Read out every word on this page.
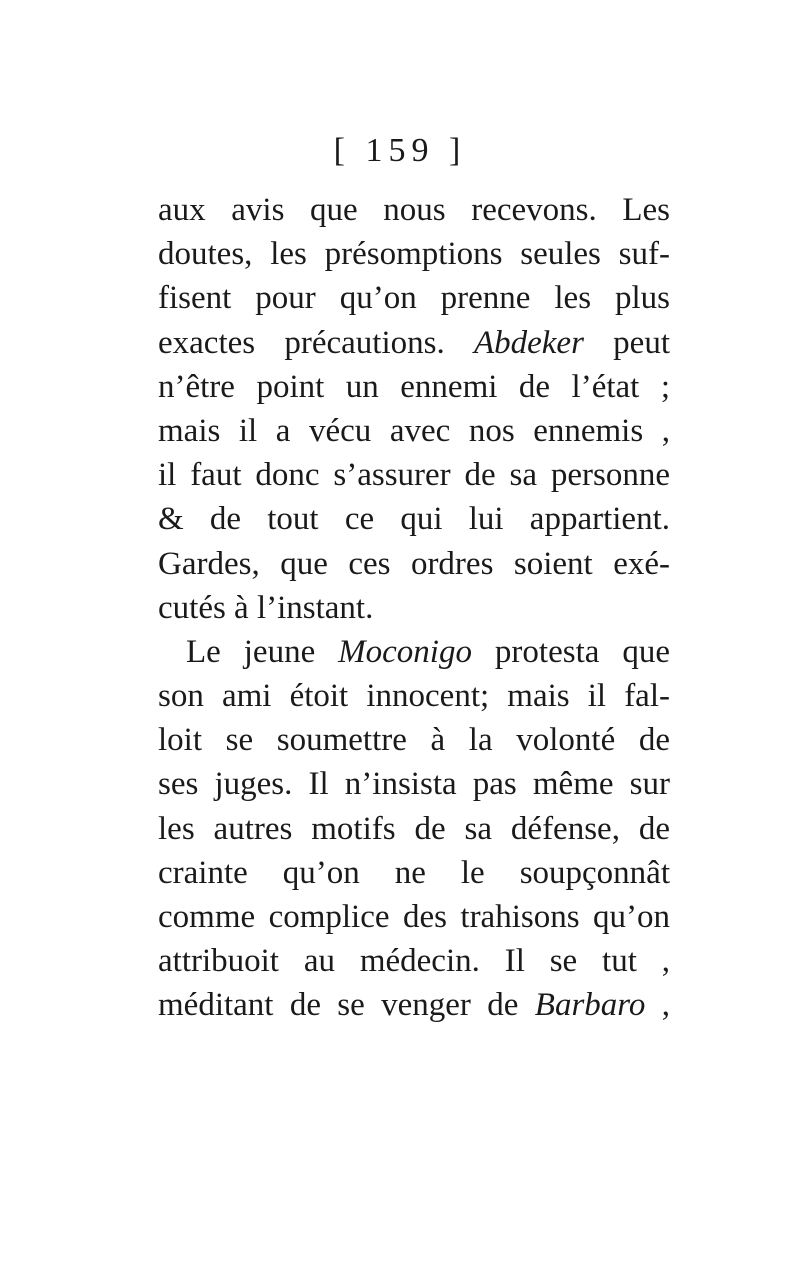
[ 159 ]
aux avis que nous recevons. Les
doutes, les présomptions seules suf-
fisent pour qu’on prenne les plus
exactes précautions. Abdeker peut
n’être point un ennemi de l’état ;
mais il a vécu avec nos ennemis ,
il faut donc s’assurer de sa personne
& de tout ce qui lui appartient.
Gardes, que ces ordres soient exé-
cutés à l’instant.
Le jeune Moconigo protesta que
son ami étoit innocent; mais il fal-
loit se soumettre à la volonté de
ses juges. Il n’insista pas même sur
les autres motifs de sa défense, de
crainte qu’on ne le soupçonnât
comme complice des trahisons qu’on
attribuoit au médecin. Il se tut ,
méditant de se venger de Barbaro ,
